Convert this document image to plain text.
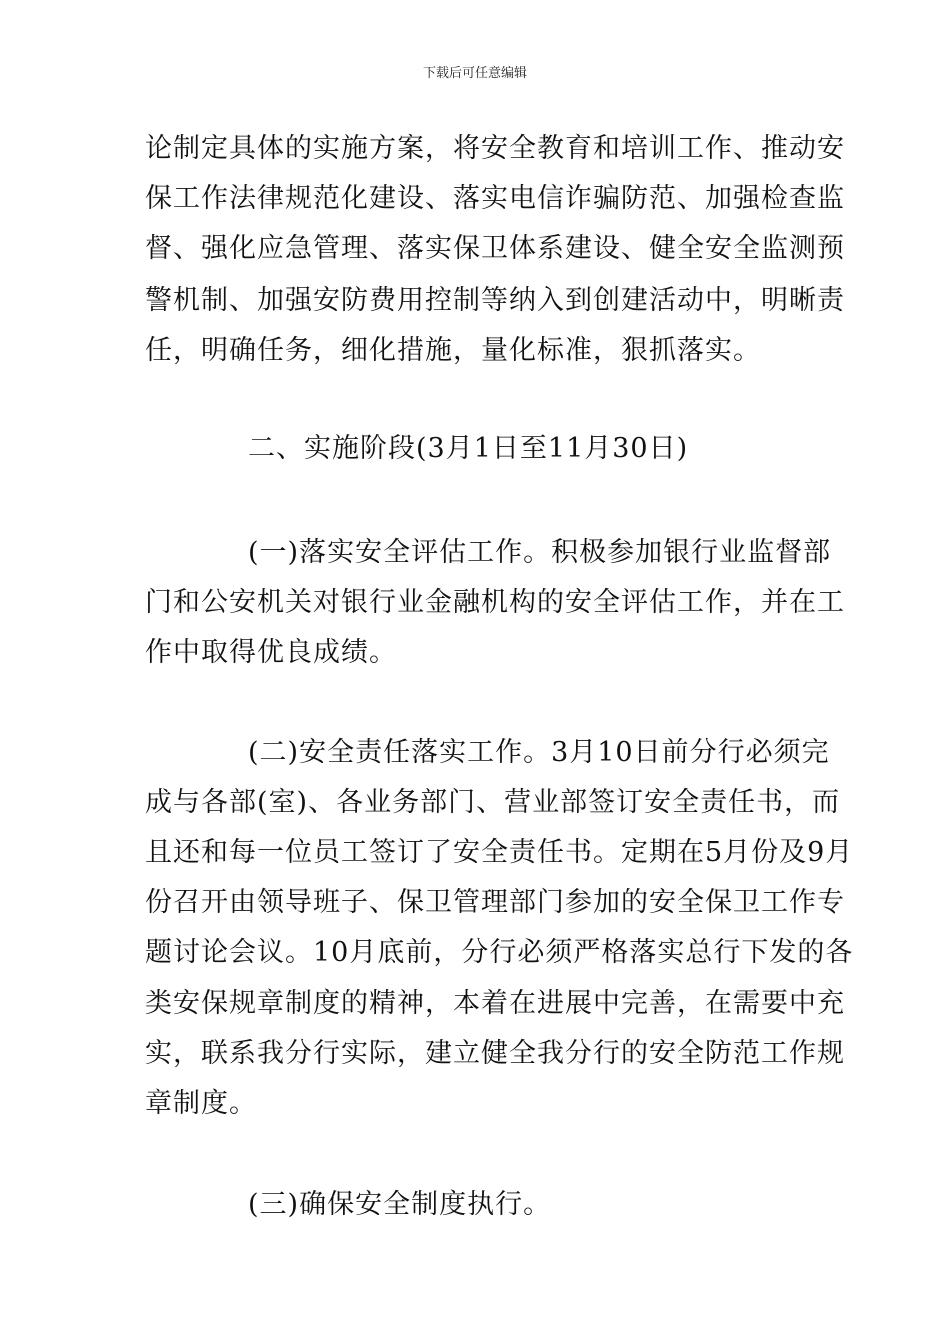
下载后可任意编辑
论制定具体的实施方案，将安全教育和培训工作、推动安
保工作法律规范化建设、落实电信诈骗防范、加强检查监
督、强化应急管理、落实保卫体系建设、健全安全监测预
警机制、加强安防费用控制等纳入到创建活动中，明晰责
任，明确任务，细化措施，量化标准，狠抓落实。
二、实施阶段(3月1日至11月30日)
(一)落实安全评估工作。积极参加银行业监督部
门和公安机关对银行业金融机构的安全评估工作，并在工
作中取得优良成绩。
(二)安全责任落实工作。3月10日前分行必须完
成与各部(室)、各业务部门、营业部签订安全责任书，而
且还和每一位员工签订了安全责任书。定期在5月份及9月
份召开由领导班子、保卫管理部门参加的安全保卫工作专
题讨论会议。10月底前，分行必须严格落实总行下发的各
类安保规章制度的精神，本着在进展中完善，在需要中充
实，联系我分行实际，建立健全我分行的安全防范工作规
章制度。
(三)确保安全制度执行。
